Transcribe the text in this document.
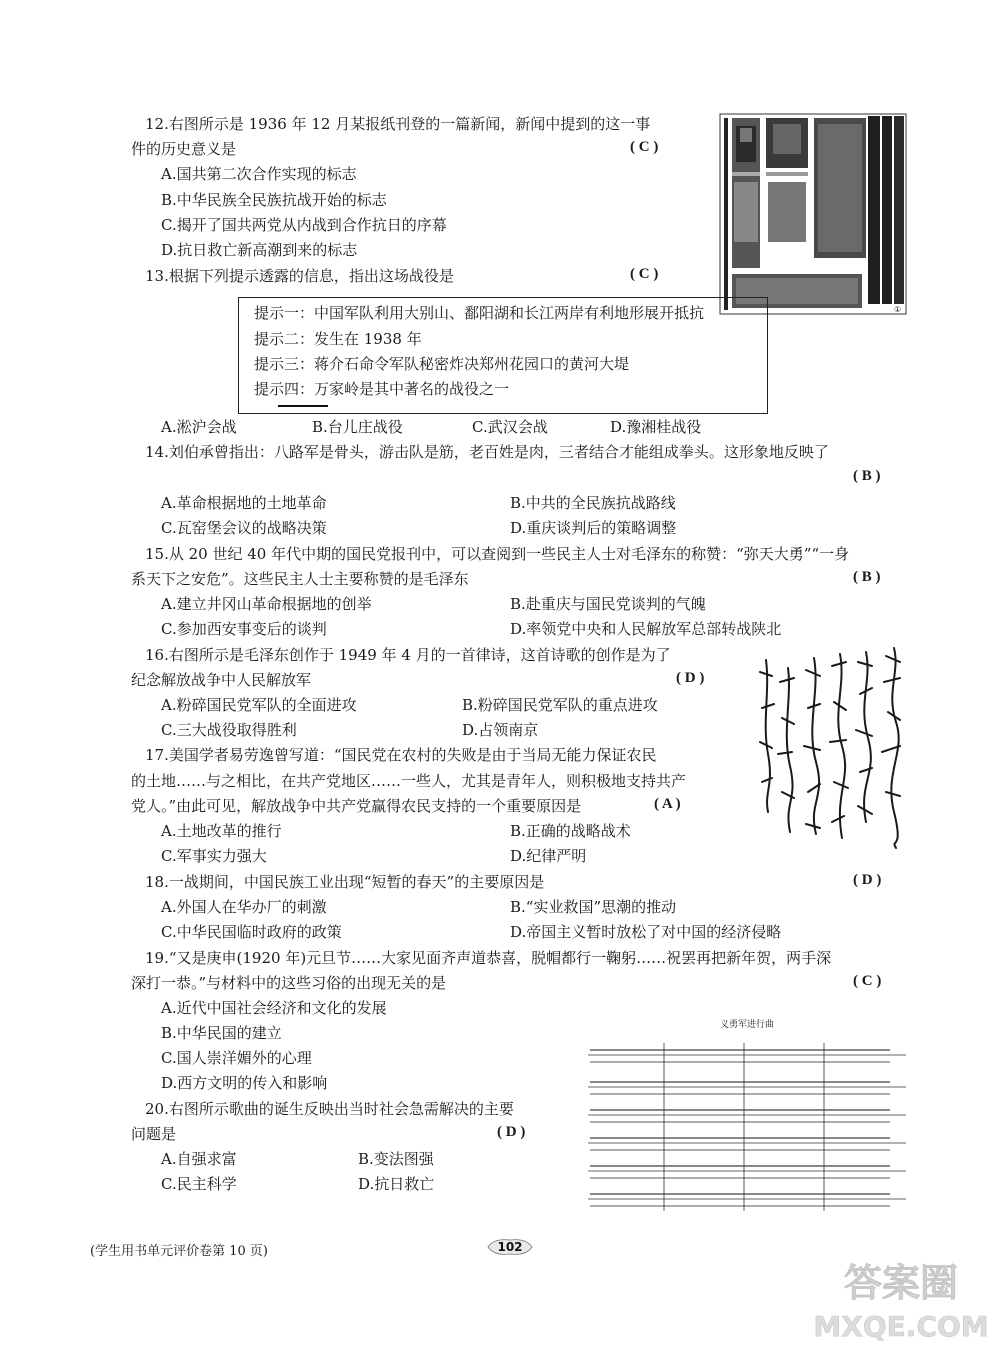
12.右图所示是 1936 年 12 月某报纸刊登的一篇新闻，新闻中提到的这一事
件的历史意义是	( C )
A.国共第二次合作实现的标志
B.中华民族全民族抗战开始的标志
C.揭开了国共两党从内战到合作抗日的序幕
D.抗日救亡新高潮到来的标志
①
13.根据下列提示透露的信息，指出这场战役是	( C )
提示一：中国军队利用大别山、鄱阳湖和长江两岸有利地形展开抵抗
提示二：发生在 1938 年
提示三：蒋介石命令军队秘密炸决郑州花园口的黄河大堤
提示四：万家岭是其中著名的战役之一
A.淞沪会战	B.台儿庄战役	C.武汉会战	D.豫湘桂战役
14.刘伯承曾指出：八路军是骨头，游击队是筋，老百姓是肉，三者结合才能组成拳头。这形象地反映了
( B )
A.革命根据地的土地革命	B.中共的全民族抗战路线
C.瓦窑堡会议的战略决策	D.重庆谈判后的策略调整
15.从 20 世纪 40 年代中期的国民党报刊中，可以查阅到一些民主人士对毛泽东的称赞：“弥天大勇”“一身
系天下之安危”。这些民主人士主要称赞的是毛泽东	( B )
A.建立井冈山革命根据地的创举	B.赴重庆与国民党谈判的气魄
C.参加西安事变后的谈判	D.率领党中央和人民解放军总部转战陕北
16.右图所示是毛泽东创作于 1949 年 4 月的一首律诗，这首诗歌的创作是为了
纪念解放战争中人民解放军	( D )
A.粉碎国民党军队的全面进攻	B.粉碎国民党军队的重点进攻
C.三大战役取得胜利	D.占领南京
17.美国学者易劳逸曾写道：“国民党在农村的失败是由于当局无能力保证农民
的土地……与之相比，在共产党地区……一些人，尤其是青年人，则积极地支持共产
党人。”由此可见，解放战争中共产党赢得农民支持的一个重要原因是	( A )
A.土地改革的推行	B.正确的战略战术
C.军事实力强大	D.纪律严明
18.一战期间，中国民族工业出现“短暂的春天”的主要原因是	( D )
A.外国人在华办厂的刺激	B.“实业救国”思潮的推动
C.中华民国临时政府的政策	D.帝国主义暂时放松了对中国的经济侵略
19.“又是庚申(1920 年)元旦节……大家见面齐声道恭喜，脱帽都行一鞠躬……祝罢再把新年贺，两手深
深打一恭。”与材料中的这些习俗的出现无关的是	( C )
A.近代中国社会经济和文化的发展
B.中华民国的建立
C.国人崇洋媚外的心理
D.西方文明的传入和影响
义勇军进行曲
20.右图所示歌曲的诞生反映出当时社会急需解决的主要
问题是	( D )
A.自强求富	B.变法图强
C.民主科学	D.抗日救亡
(学生用书单元评价卷第 10 页)	102
答案圈
MXQE.COM
